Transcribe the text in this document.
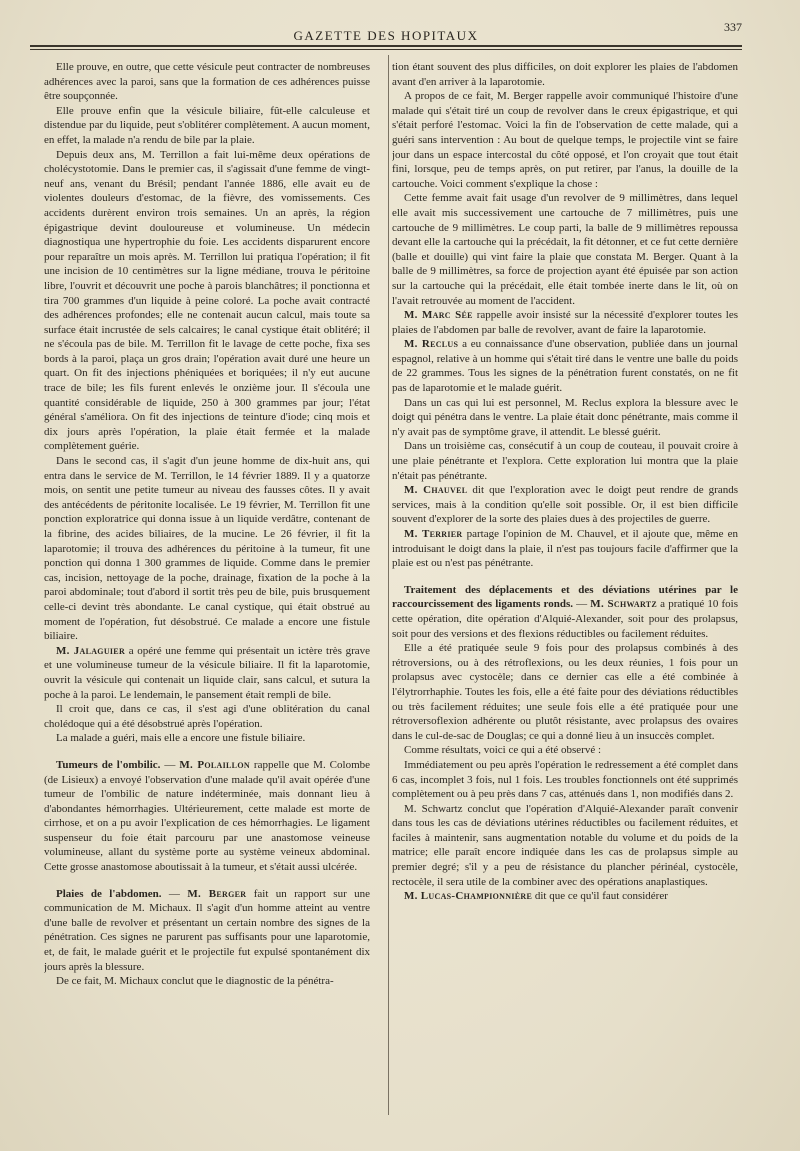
GAZETTE DES HOPITAUX
337

Elle prouve, en outre, que cette vésicule peut contracter de nombreuses adhérences avec la paroi, sans que la formation de ces adhérences puisse être soupçonnée.

Elle prouve enfin que la vésicule biliaire, fût-elle calculeuse et distendue par du liquide, peut s'oblitérer complètement. A aucun moment, en effet, la malade n'a rendu de bile par la plaie.

Depuis deux ans, M. Terrillon a fait lui-même deux opérations de cholécystotomie. Dans le premier cas, il s'agissait d'une femme de vingt-neuf ans, venant du Brésil; pendant l'année 1886, elle avait eu de violentes douleurs d'estomac, de la fièvre, des vomissements. Ces accidents durèrent environ trois semaines. Un an après, la région épigastrique devint douloureuse et volumineuse. Un médecin diagnostiqua une hypertrophie du foie. Les accidents disparurent encore pour reparaître un mois après. M. Terrillon lui pratiqua l'opération; il fit une incision de 10 centimètres sur la ligne médiane, trouva le péritoine libre, l'ouvrit et découvrit une poche à parois blanchâtres; il ponctionna et tira 700 grammes d'un liquide à peine coloré. La poche avait contracté des adhérences profondes; elle ne contenait aucun calcul, mais toute sa surface était incrustée de sels calcaires; le canal cystique était oblitéré; il ne s'écoula pas de bile. M. Terrillon fit le lavage de cette poche, fixa ses bords à la paroi, plaça un gros drain; l'opération avait duré une heure un quart. On fit des injections phéniquées et boriquées; il n'y eut aucune trace de bile; les fils furent enlevés le onzième jour. Il s'écoula une quantité considérable de liquide, 250 à 300 grammes par jour; l'état général s'améliora. On fit des injections de teinture d'iode; cinq mois et dix jours après l'opération, la plaie était fermée et la malade complètement guérie.

Dans le second cas, il s'agit d'un jeune homme de dix-huit ans, qui entra dans le service de M. Terrillon, le 14 février 1889. Il y a quatorze mois, on sentit une petite tumeur au niveau des fausses côtes. Il y avait des antécédents de péritonite localisée. Le 19 février, M. Terrillon fit une ponction exploratrice qui donna issue à un liquide verdâtre, contenant de la fibrine, des acides biliaires, de la mucine. Le 26 février, il fit la laparotomie; il trouva des adhérences du péritoine à la tumeur, fit une ponction qui donna 1 300 grammes de liquide. Comme dans le premier cas, incision, nettoyage de la poche, drainage, fixation de la poche à la paroi abdominale; tout d'abord il sortit très peu de bile, puis brusquement celle-ci devint très abondante. Le canal cystique, qui était obstrué au moment de l'opération, fut désobstrué. Ce malade a encore une fistule biliaire.

M. Jalaguier a opéré une femme qui présentait un ictère très grave et une volumineuse tumeur de la vésicule biliaire. Il fit la laparotomie, ouvrit la vésicule qui contenait un liquide clair, sans calcul, et sutura la poche à la paroi. Le lendemain, le pansement était rempli de bile.

Il croit que, dans ce cas, il s'est agi d'une oblitération du canal cholédoque qui a été désobstrué après l'opération.

La malade a guéri, mais elle a encore une fistule biliaire.

Tumeurs de l'ombilic. — M. Polaillon rappelle que M. Colombe (de Lisieux) a envoyé l'observation d'une malade qu'il avait opérée d'une tumeur de l'ombilic de nature indéterminée, mais donnant lieu à d'abondantes hémorrhagies. Ultérieurement, cette malade est morte de cirrhose, et on a pu avoir l'explication de ces hémorrhagies. Le ligament suspenseur du foie était parcouru par une anastomose veineuse volumineuse, allant du système porte au système veineux abdominal. Cette grosse anastomose aboutissait à la tumeur, et s'était aussi ulcérée.

Plaies de l'abdomen. — M. Berger fait un rapport sur une communication de M. Michaux. Il s'agit d'un homme atteint au ventre d'une balle de revolver et présentant un certain nombre des signes de la pénétration. Ces signes ne parurent pas suffisants pour une laparotomie, et, de fait, le malade guérit et le projectile fut expulsé spontanément dix jours après la blessure.

De ce fait, M. Michaux conclut que le diagnostic de la pénétra-

tion étant souvent des plus difficiles, on doit explorer les plaies de l'abdomen avant d'en arriver à la laparotomie.

A propos de ce fait, M. Berger rappelle avoir communiqué l'histoire d'une malade qui s'était tiré un coup de revolver dans le creux épigastrique, et qui s'était perforé l'estomac. Voici la fin de l'observation de cette malade, qui a guéri sans intervention : Au bout de quelque temps, le projectile vint se faire jour dans un espace intercostal du côté opposé, et l'on croyait que tout était fini, lorsque, peu de temps après, on put retirer, par l'anus, la douille de la cartouche. Voici comment s'explique la chose :

Cette femme avait fait usage d'un revolver de 9 millimètres, dans lequel elle avait mis successivement une cartouche de 7 millimètres, puis une cartouche de 9 millimètres. Le coup parti, la balle de 9 millimètres repoussa devant elle la cartouche qui la précédait, la fit détonner, et ce fut cette dernière (balle et douille) qui vint faire la plaie que constata M. Berger. Quant à la balle de 9 millimètres, sa force de projection ayant été épuisée par son action sur la cartouche qui la précédait, elle était tombée inerte dans le lit, où on l'avait retrouvée au moment de l'accident.

M. Marc Sée rappelle avoir insisté sur la nécessité d'explorer toutes les plaies de l'abdomen par balle de revolver, avant de faire la laparotomie.

M. Reclus a eu connaissance d'une observation, publiée dans un journal espagnol, relative à un homme qui s'était tiré dans le ventre une balle du poids de 22 grammes. Tous les signes de la pénétration furent constatés, on ne fit pas de laparotomie et le malade guérit.

Dans un cas qui lui est personnel, M. Reclus explora la blessure avec le doigt qui pénétra dans le ventre. La plaie était donc pénétrante, mais comme il n'y avait pas de symptôme grave, il attendit. Le blessé guérit.

Dans un troisième cas, consécutif à un coup de couteau, il pouvait croire à une plaie pénétrante et l'explora. Cette exploration lui montra que la plaie n'était pas pénétrante.

M. Chauvel dit que l'exploration avec le doigt peut rendre de grands services, mais à la condition qu'elle soit possible. Or, il est bien difficile souvent d'explorer de la sorte des plaies dues à des projectiles de guerre.

M. Terrier partage l'opinion de M. Chauvel, et il ajoute que, même en introduisant le doigt dans la plaie, il n'est pas toujours facile d'affirmer que la plaie est ou n'est pas pénétrante.

Traitement des déplacements et des déviations utérines par le raccourcissement des ligaments ronds. — M. Schwartz a pratiqué 10 fois cette opération, dite opération d'Alquié-Alexander, soit pour des prolapsus, soit pour des versions et des flexions réductibles ou facilement réduites.

Elle a été pratiquée seule 9 fois pour des prolapsus combinés à des rétroversions, ou à des rétroflexions, ou les deux réunies, 1 fois pour un prolapsus avec cystocèle; dans ce dernier cas elle a été combinée à l'élytrorrhaphie. Toutes les fois, elle a été faite pour des déviations réductibles ou très facilement réduites; une seule fois elle a été pratiquée pour une rétroversoflexion adhérente ou plutôt résistante, avec prolapsus des ovaires dans le cul-de-sac de Douglas; ce qui a donné lieu à un insuccès complet.

Comme résultats, voici ce qui a été observé :

Immédiatement ou peu après l'opération le redressement a été complet dans 6 cas, incomplet 3 fois, nul 1 fois. Les troubles fonctionnels ont été supprimés complètement ou à peu près dans 7 cas, atténués dans 1, non modifiés dans 2.

M. Schwartz conclut que l'opération d'Alquié-Alexander paraît convenir dans tous les cas de déviations utérines réductibles ou facilement réduites, et faciles à maintenir, sans augmentation notable du volume et du poids de la matrice; elle paraît encore indiquée dans les cas de prolapsus simple au premier degré; s'il y a peu de résistance du plancher périnéal, cystocèle, rectocèle, il sera utile de la combiner avec des opérations anaplastiques.

M. Lucas-Championnière dit que ce qu'il faut considérer
